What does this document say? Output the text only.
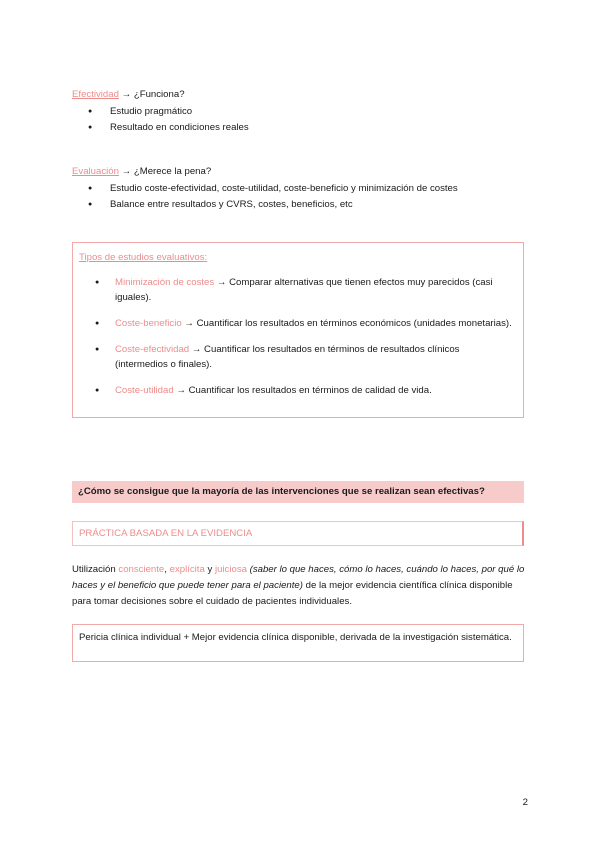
Efectividad → ¿Funciona?
● Estudio pragmático
● Resultado en condiciones reales
Evaluación → ¿Merece la pena?
● Estudio coste-efectividad, coste-utilidad, coste-beneficio y minimización de costes
● Balance entre resultados y CVRS, costes, beneficios, etc
Tipos de estudios evaluativos:
● Minimización de costes → Comparar alternativas que tienen efectos muy parecidos (casi iguales).
● Coste-beneficio → Cuantificar los resultados en términos económicos (unidades monetarias).
● Coste-efectividad → Cuantificar los resultados en términos de resultados clínicos (intermedios o finales).
● Coste-utilidad → Cuantificar los resultados en términos de calidad de vida.
¿Cómo se consigue que la mayoría de las intervenciones que se realizan sean efectivas?
PRÁCTICA BASADA EN LA EVIDENCIA
Utilización consciente, explícita y juiciosa (saber lo que haces, cómo lo haces, cuándo lo haces, por qué lo haces y el beneficio que puede tener para el paciente) de la mejor evidencia científica clínica disponible para tomar decisiones sobre el cuidado de pacientes individuales.
Pericia clínica individual + Mejor evidencia clínica disponible, derivada de la investigación sistemática.
2
